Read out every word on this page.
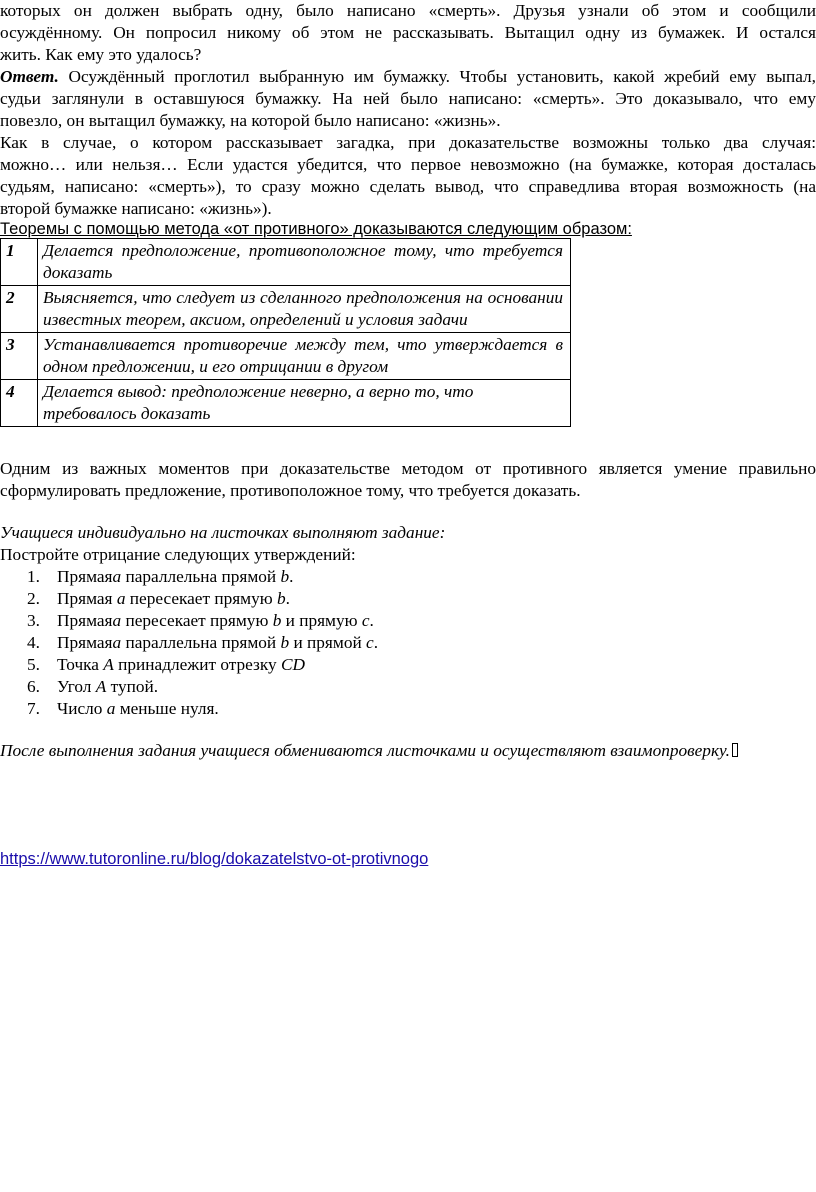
которых он должен выбрать одну, было написано «смерть». Друзья узнали об этом и сообщили
осуждённому. Он попросил никому об этом не рассказывать. Вытащил одну из бумажек. И остался
жить. Как ему это удалось?

Ответ. Осуждённый проглотил выбранную им бумажку. Чтобы установить, какой жребий ему выпал,
судьи заглянули в оставшуюся бумажку. На ней было написано: «смерть». Это доказывало, что ему
повезло, он вытащил бумажку, на которой было написано: «жизнь».

Как в случае, о котором рассказывает загадка, при доказательстве возможны только два случая:
можно… или нельзя… Если удастся убедится, что первое невозможно (на бумажке, которая досталась
судьям, написано: «смерть»), то сразу можно сделать вывод, что справедлива вторая возможность (на
второй бумажке написано: «жизнь»).

Теоремы с помощью метода «от противного» доказываются следующим образом:

1	Делается предположение, противоположное тому, что требуется доказать
2	Выясняется, что следует из сделанного предположения на основании известных теорем, аксиом, определений и условия задачи
3	Устанавливается противоречие между тем, что утверждается в одном предложении, и его отрицании в другом
4	Делается вывод: предположение неверно, а верно то, что требовалось доказать

Одним из важных моментов при доказательстве методом от противного является умение правильно
сформулировать предложение, противоположное тому, что требуется доказать.

Учащиеся индивидуально на листочках выполняют задание:

Постройте отрицание следующих утверждений:

1. Прямаяa параллельна прямой b.
2. Прямая a пересекает прямую b.
3. Прямаяa пересекает прямую b и прямую c.
4. Прямаяa параллельна прямой b и прямой c.
5. Точка A принадлежит отрезку CD
6. Угол A тупой.
7. Число a меньше нуля.

После выполнения задания учащиеся обмениваются листочками и осуществляют взаимопроверку.

https://www.tutoronline.ru/blog/dokazatelstvo-ot-protivnogo
